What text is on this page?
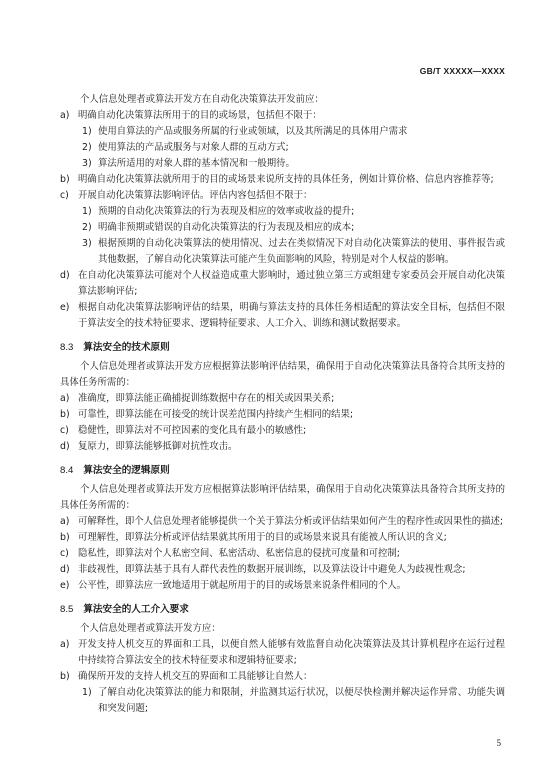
GB/T XXXXX—XXXX
个人信息处理者或算法开发方在自动化决策算法开发前应：
a) 明确自动化决策算法所用于的目的或场景，包括但不限于：
1) 使用自算法的产品或服务所属的行业或领域，以及其所满足的具体用户需求
2) 使用算法的产品或服务与对象人群的互动方式;
3) 算法所适用的对象人群的基本情况和一般期待。
b) 明确自动化决策算法就所用于的目的或场景来说所支持的具体任务，例如计算价格、信息内容推荐等;
c) 开展自动化决策算法影响评估。评估内容包括但不限于：
1) 预期的自动化决策算法的行为表现及相应的效率或收益的提升;
2) 明确非预期或错误的自动化决策算法的行为表现及相应的成本;
3) 根据预期的自动化决策算法的使用情况、过去在类似情况下对自动化决策算法的使用、事件报告或其他数据，了解自动化决策算法可能产生负面影响的风险，特别是对个人权益的影响。
d) 在自动化决策算法可能对个人权益造成重大影响时，通过独立第三方或组建专家委员会开展自动化决策算法影响评估;
e) 根据自动化决策算法影响评估的结果，明确与算法支持的具体任务相适配的算法安全目标，包括但不限于算法安全的技术特征要求、逻辑特征要求、人工介入、训练和测试数据要求。
8.3 算法安全的技术原则
个人信息处理者或算法开发方应根据算法影响评估结果，确保用于自动化决策算法具备符合其所支持的具体任务所需的：
a) 准确度，即算法能正确捕捉训练数据中存在的相关或因果关系;
b) 可靠性，即算法能在可接受的统计误差范围内持续产生相同的结果;
c) 稳健性，即算法对不可控因素的变化具有最小的敏感性;
d) 复原力，即算法能够抵御对抗性攻击。
8.4 算法安全的逻辑原则
个人信息处理者或算法开发方应根据算法影响评估结果，确保用于自动化决策算法具备符合其所支持的具体任务所需的：
a) 可解释性，即个人信息处理者能够提供一个关于算法分析或评估结果如何产生的程序性或因果性的描述;
b) 可理解性，即算法分析或评估结果就其所用于的目的或场景来说具有能被人所认识的含义;
c) 隐私性，即算法对个人私密空间、私密活动、私密信息的侵扰可度量和可控制;
d) 非歧视性，即算法基于具有人群代表性的数据开展训练，以及算法设计中避免人为歧视性观念;
e) 公平性，即算法应一致地适用于就起所用于的目的或场景来说条件相同的个人。
8.5 算法安全的人工介入要求
个人信息处理者或算法开发方应：
a) 开发支持人机交互的界面和工具，以便自然人能够有效监督自动化决策算法及其计算机程序在运行过程中持续符合算法安全的技术特征要求和逻辑特征要求;
b) 确保所开发的支持人机交互的界面和工具能够让自然人：
1) 了解自动化决策算法的能力和限制，并监测其运行状况，以便尽快检测并解决运作异常、功能失调和突发问题;
5
